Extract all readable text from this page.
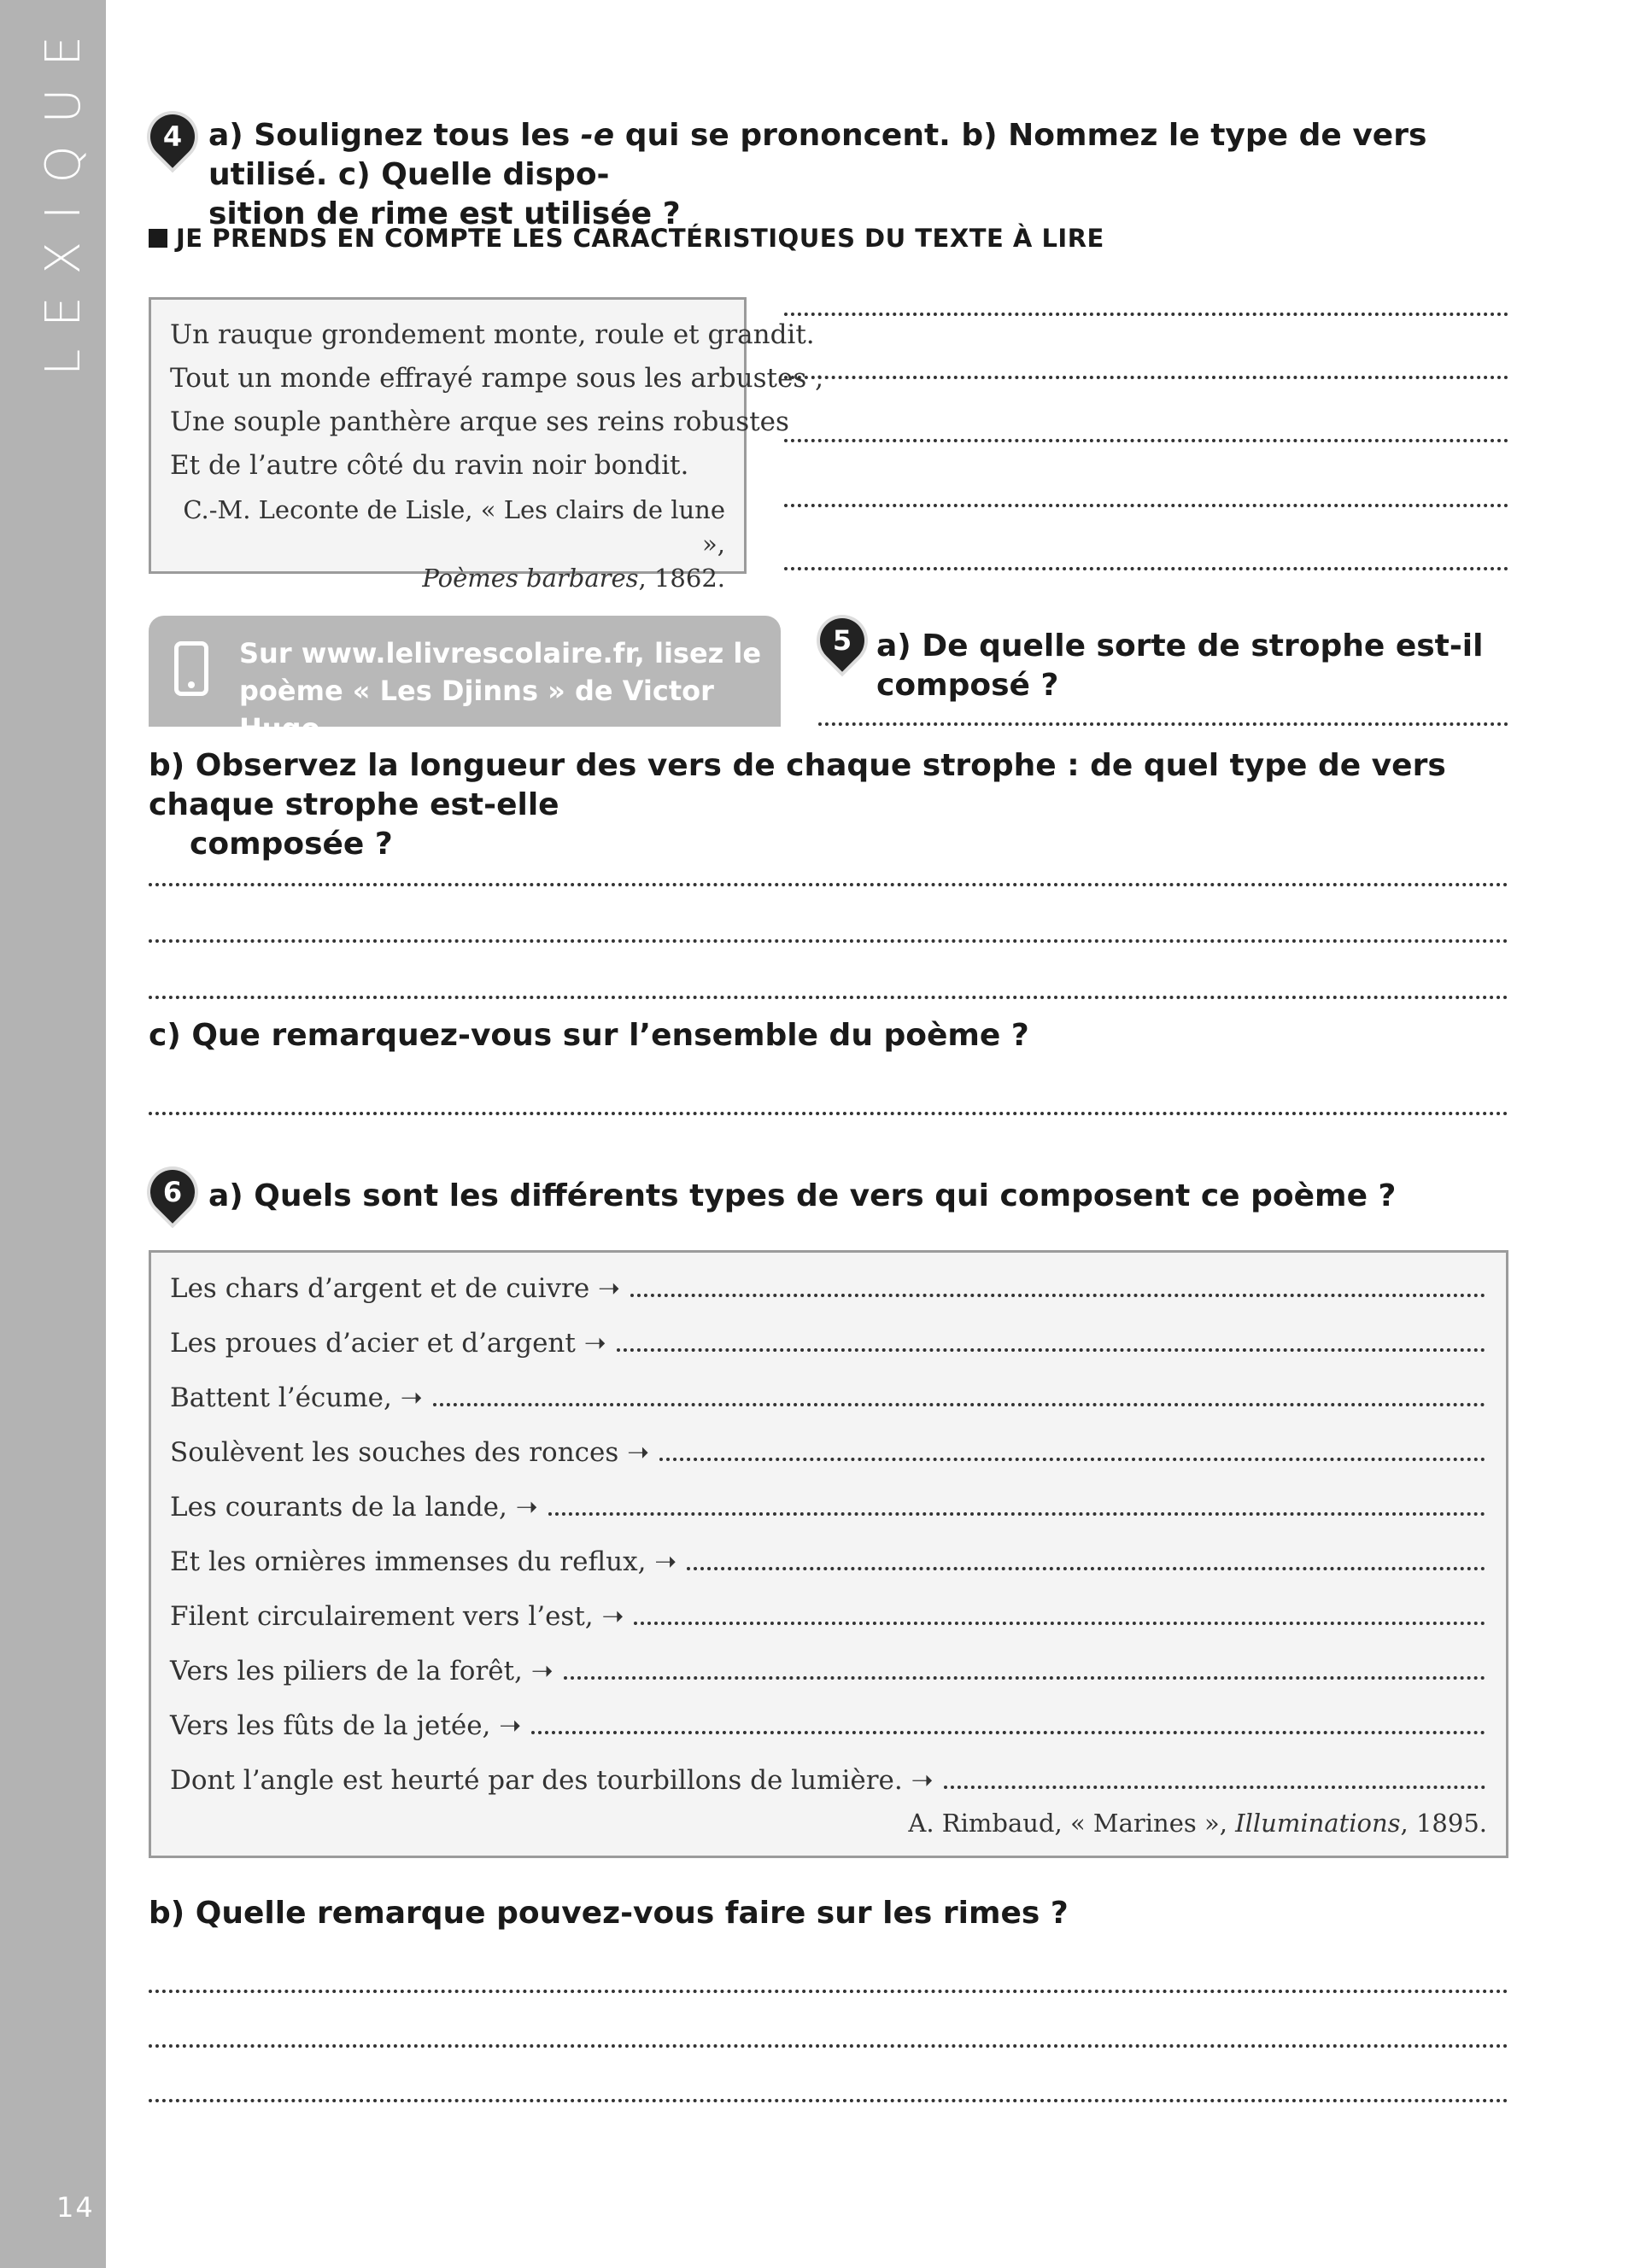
LEXIQUE
14
4 a) Soulignez tous les -e qui se prononcent. b) Nommez le type de vers utilisé. c) Quelle dispo-
sition de rime est utilisée ?
JE PRENDS EN COMPTE LES CARACTÉRISTIQUES DU TEXTE À LIRE
Un rauque grondement monte, roule et grandit.
Tout un monde effrayé rampe sous les arbustes ;
Une souple panthère arque ses reins robustes
Et de l’autre côté du ravin noir bondit.
C.-M. Leconte de Lisle, « Les clairs de lune »,
Poèmes barbares, 1862.
Sur www.lelivrescolaire.fr, lisez le
poème « Les Djinns » de Victor Hugo.
5 a) De quelle sorte de strophe est-il composé ?
b) Observez la longueur des vers de chaque strophe : de quel type de vers chaque strophe est-elle
composée ?
c) Que remarquez-vous sur l’ensemble du poème ?
6 a) Quels sont les différents types de vers qui composent ce poème ?
Les chars d’argent et de cuivre ➝
Les proues d’acier et d’argent ➝
Battent l’écume, ➝
Soulèvent les souches des ronces ➝
Les courants de la lande, ➝
Et les ornières immenses du reflux, ➝
Filent circulairement vers l’est, ➝
Vers les piliers de la forêt, ➝
Vers les fûts de la jetée, ➝
Dont l’angle est heurté par des tourbillons de lumière. ➝
A. Rimbaud, « Marines », Illuminations, 1895.
b) Quelle remarque pouvez-vous faire sur les rimes ?
